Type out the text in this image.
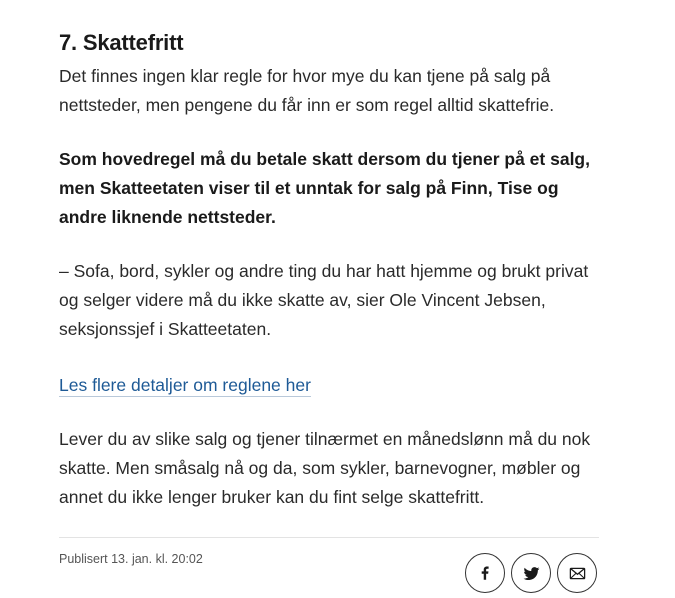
7. Skattefritt

Det finnes ingen klar regle for hvor mye du kan tjene på salg på nettsteder, men pengene du får inn er som regel alltid skattefrie.

Som hovedregel må du betale skatt dersom du tjener på et salg, men Skatteetaten viser til et unntak for salg på Finn, Tise og andre liknende nettsteder.

– Sofa, bord, sykler og andre ting du har hatt hjemme og brukt privat og selger videre må du ikke skatte av, sier Ole Vincent Jebsen, seksjonssjef i Skatteetaten.

Les flere detaljer om reglene her

Lever du av slike salg og tjener tilnærmet en månedslønn må du nok skatte. Men småsalg nå og da, som sykler, barnevogner, møbler og annet du ikke lenger bruker kan du fint selge skattefritt.

Publisert 13. jan. kl. 20:02
